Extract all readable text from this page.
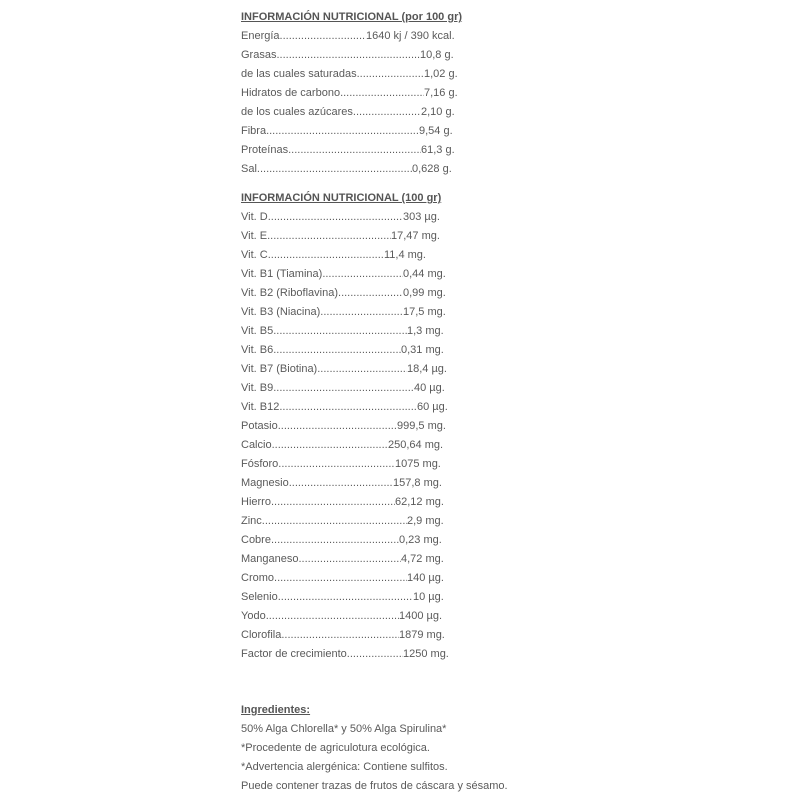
INFORMACIÓN NUTRICIONAL (por 100 gr)
Energía .....	1640 kj / 390 kcal.
Grasas .....	10,8 g.
de las cuales saturadas .....	1,02 g.
Hidratos de carbono .....	7,16 g.
de los cuales azúcares .....	2,10 g.
Fibra .....	9,54 g.
Proteínas .....	61,3 g.
Sal .....	0,628 g.
INFORMACIÓN NUTRICIONAL (100 gr)
Vit. D .....	303 µg.
Vit. E .....	17,47 mg.
Vit. C .....	11,4 mg.
Vit. B1 (Tiamina) .....	0,44 mg.
Vit. B2 (Riboflavina) .....	0,99 mg.
Vit. B3 (Niacina) .....	17,5 mg.
Vit. B5 .....	1,3 mg.
Vit. B6 .....	0,31 mg.
Vit. B7 (Biotina) .....	18,4 µg.
Vit. B9 .....	40 µg.
Vit. B12 .....	60 µg.
Potasio .....	999,5 mg.
Calcio .....	250,64 mg.
Fósforo .....	1075 mg.
Magnesio .....	157,8 mg.
Hierro .....	62,12 mg.
Zinc .....	2,9 mg.
Cobre .....	0,23 mg.
Manganeso .....	4,72 mg.
Cromo .....	140 µg.
Selenio .....	10 µg.
Yodo .....	1400 µg.
Clorofila .....	1879 mg.
Factor de crecimiento .....	1250 mg.
Ingredientes:
50% Alga Chlorella* y 50% Alga Spirulina*
*Procedente de agriculotura ecológica.
*Advertencia alergénica: Contiene sulfitos.
Puede contener trazas de frutos de cáscara y sésamo.
